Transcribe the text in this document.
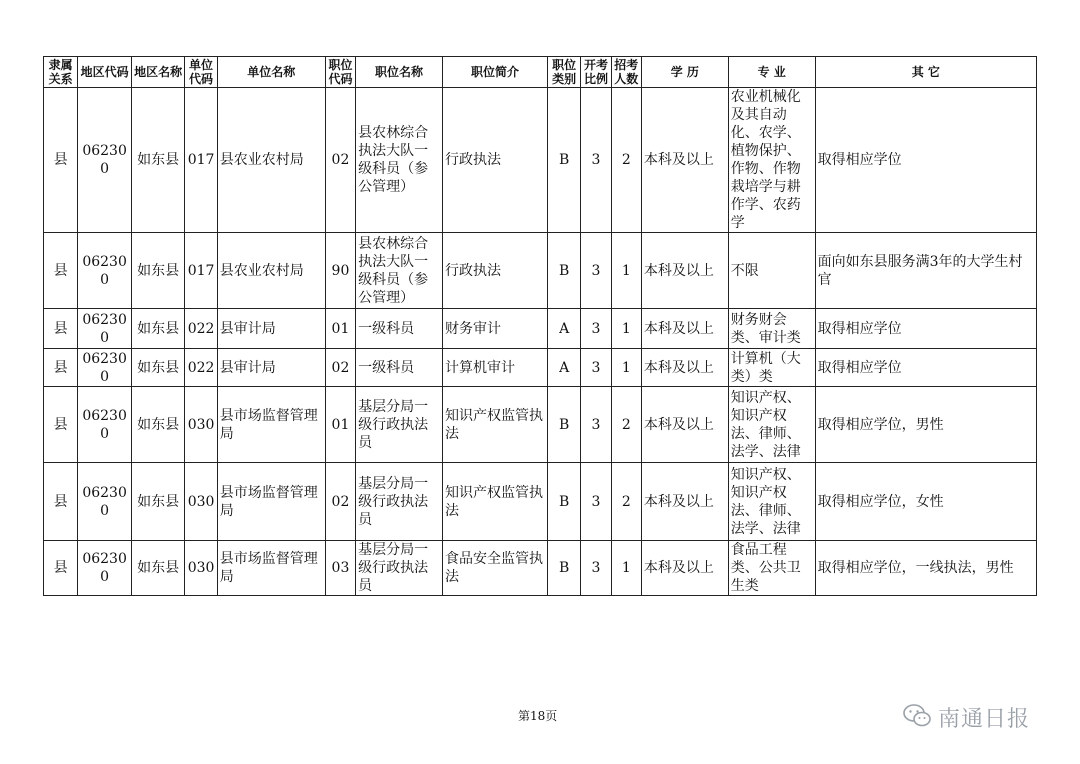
隶属关系	地区代码	地区名称	单位代码	单位名称	职位代码	职位名称	职位简介	职位类别	开考比例	招考人数	学 历	专 业	其 它
县	062300	如东县	017	县农业农村局	02	县农林综合执法大队一级科员（参公管理）	行政执法	B	3	2	本科及以上	农业机械化及其自动化、农学、植物保护、作物、作物栽培学与耕作学、农药学	取得相应学位
县	062300	如东县	017	县农业农村局	90	县农林综合执法大队一级科员（参公管理）	行政执法	B	3	1	本科及以上	不限	面向如东县服务满3年的大学生村官
县	062300	如东县	022	县审计局	01	一级科员	财务审计	A	3	1	本科及以上	财务财会类、审计类	取得相应学位
县	062300	如东县	022	县审计局	02	一级科员	计算机审计	A	3	1	本科及以上	计算机（大类）类	取得相应学位
县	062300	如东县	030	县市场监督管理局	01	基层分局一级行政执法员	知识产权监管执法	B	3	2	本科及以上	知识产权、知识产权法、律师、法学、法律	取得相应学位，男性
县	062300	如东县	030	县市场监督管理局	02	基层分局一级行政执法员	知识产权监管执法	B	3	2	本科及以上	知识产权、知识产权法、律师、法学、法律	取得相应学位，女性
县	062300	如东县	030	县市场监督管理局	03	基层分局一级行政执法员	食品安全监管执法	B	3	1	本科及以上	食品工程类、公共卫生类	取得相应学位，一线执法，男性
第18页	南通日报
